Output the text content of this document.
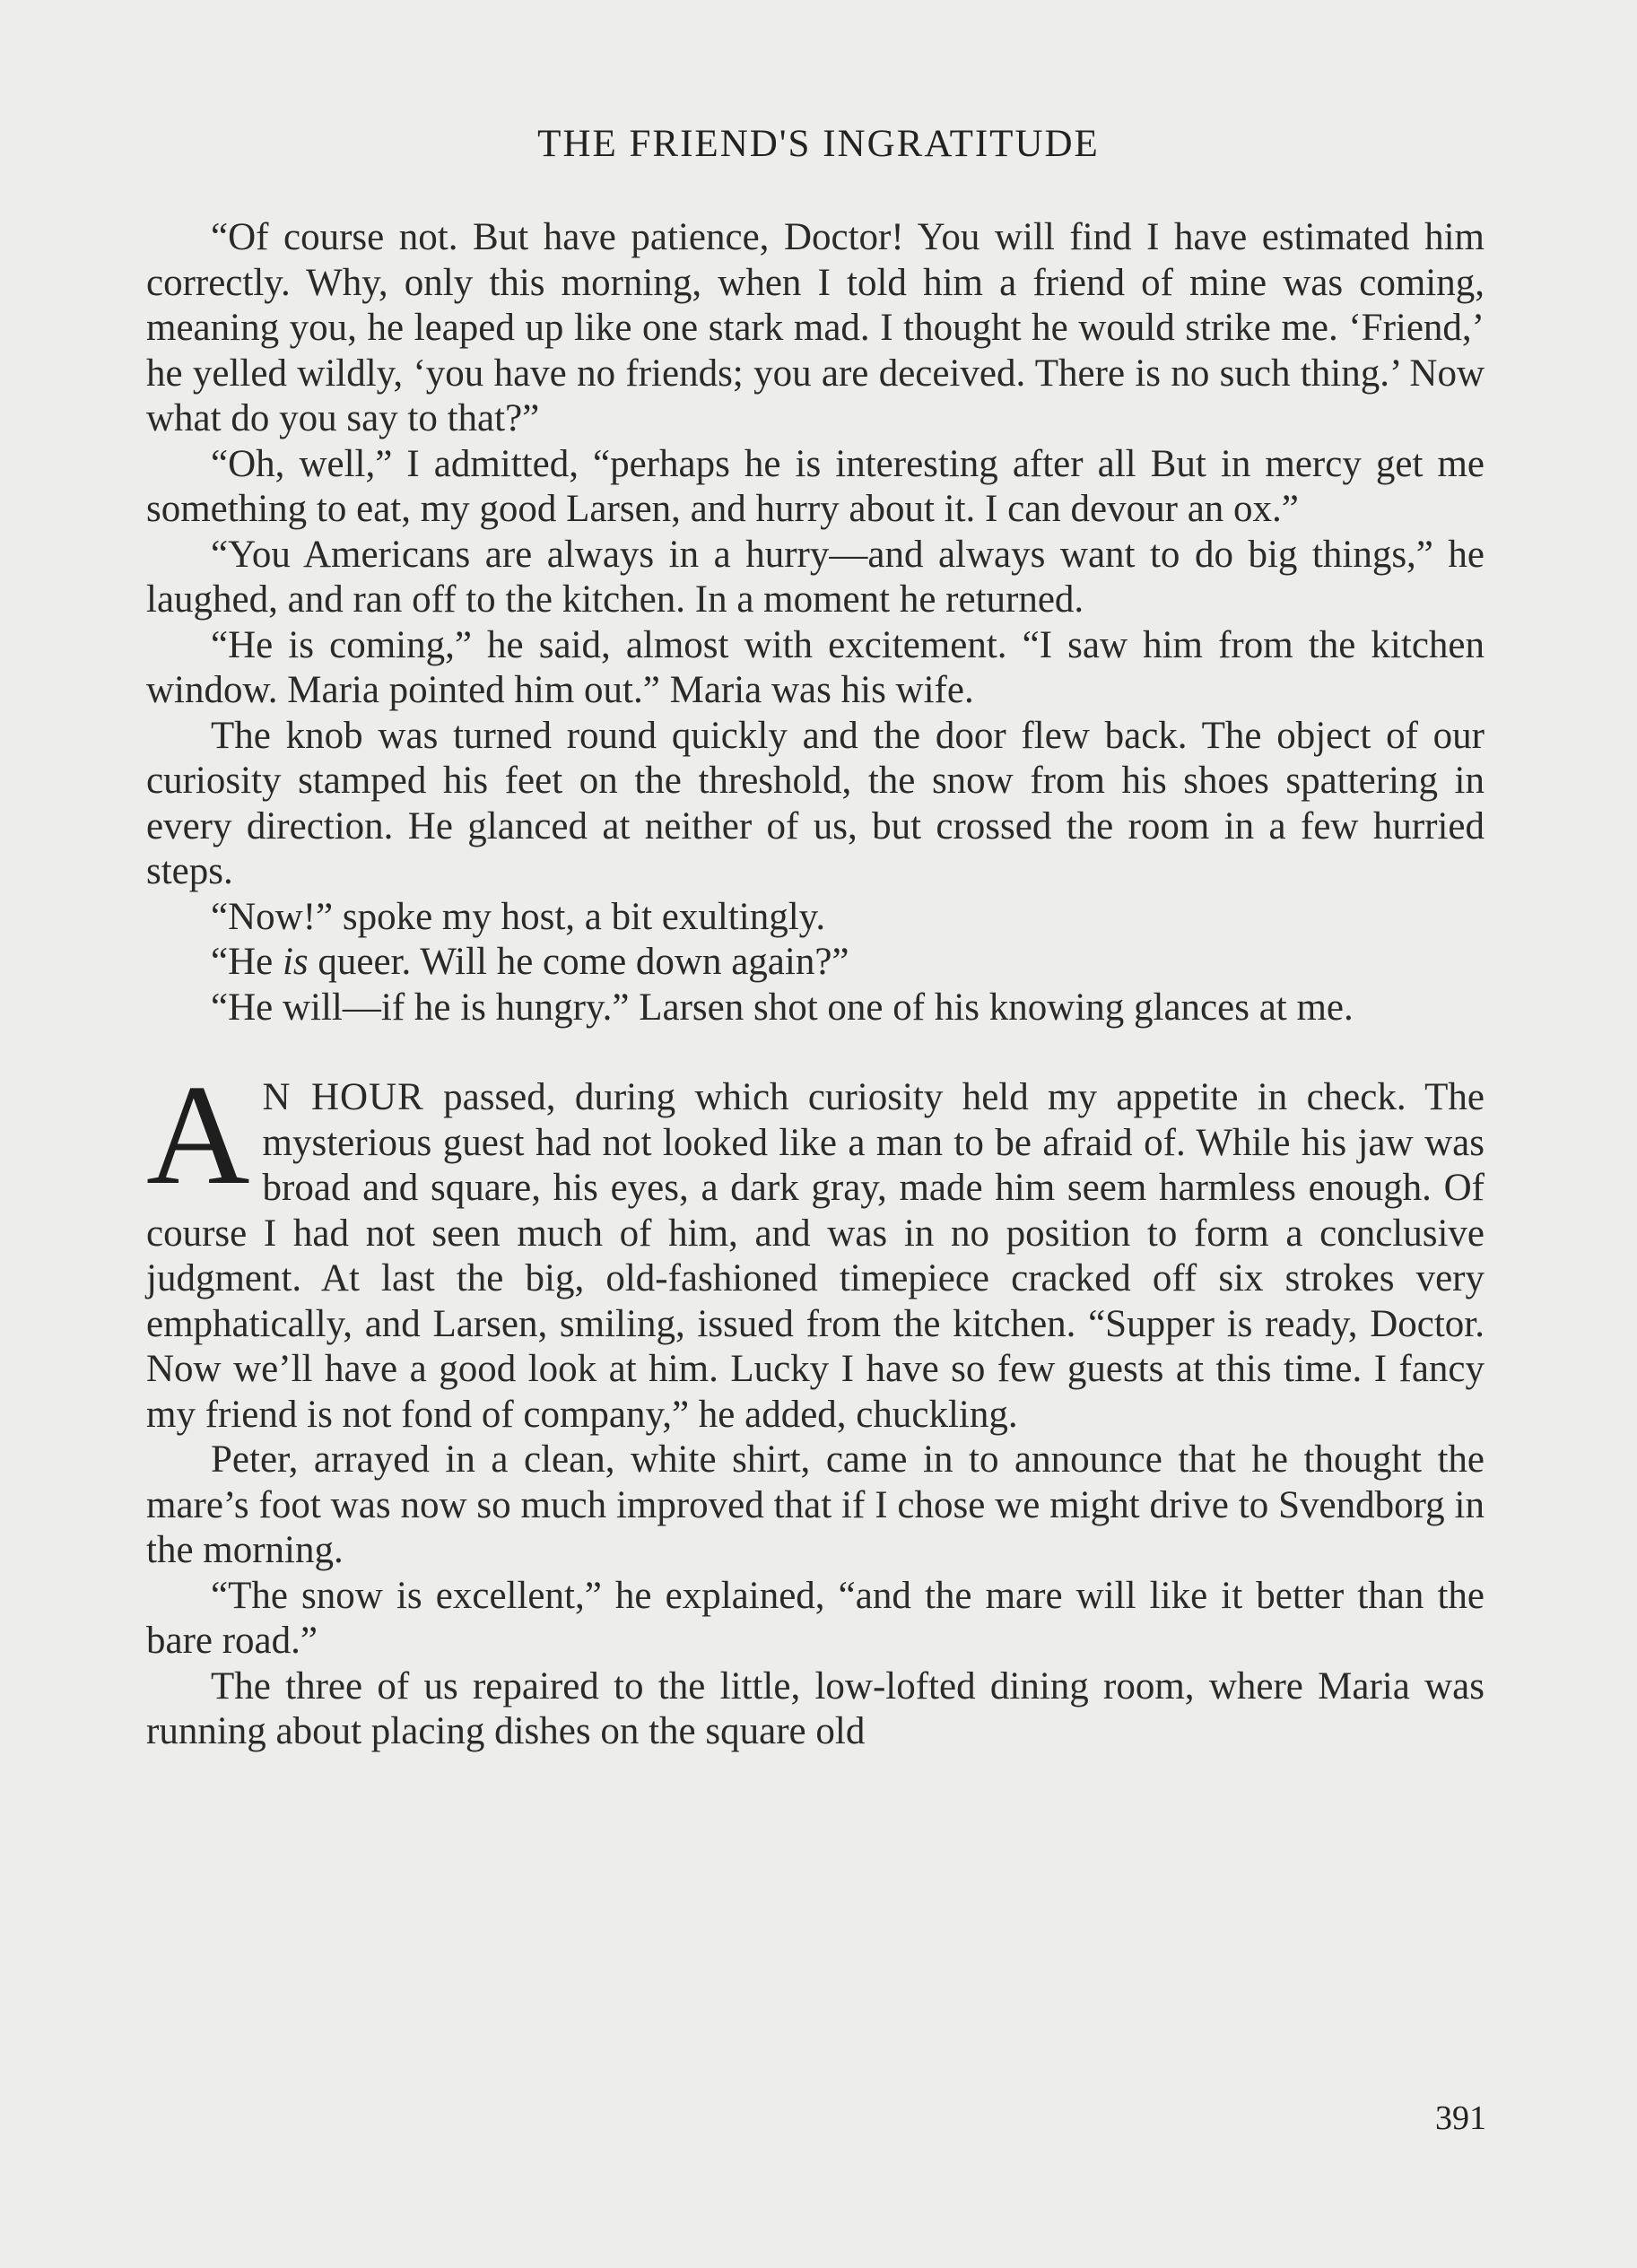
THE FRIEND'S INGRATITUDE

“Of course not. But have patience, Doctor! You will find I have estimated him correctly. Why, only this morning, when I told him a friend of mine was coming, meaning you, he leaped up like one stark mad. I thought he would strike me. ‘Friend,’ he yelled wildly, ‘you have no friends; you are deceived. There is no such thing.’ Now what do you say to that?”

“Oh, well,” I admitted, “perhaps he is interesting after all But in mercy get me something to eat, my good Larsen, and hurry about it. I can devour an ox.”

“You Americans are always in a hurry—and always want to do big things,” he laughed, and ran off to the kitchen. In a moment he returned.

“He is coming,” he said, almost with excitement. “I saw him from the kitchen window. Maria pointed him out.” Maria was his wife.

The knob was turned round quickly and the door flew back. The object of our curiosity stamped his feet on the threshold, the snow from his shoes spattering in every direction. He glanced at neither of us, but crossed the room in a few hurried steps.

“Now!” spoke my host, a bit exultingly.

“He is queer. Will he come down again?”

“He will—if he is hungry.” Larsen shot one of his knowing glances at me.

A N HOUR passed, during which curiosity held my appetite in check. The mysterious guest had not looked like a man to be afraid of. While his jaw was broad and square, his eyes, a dark gray, made him seem harmless enough. Of course I had not seen much of him, and was in no position to form a conclusive judgment. At last the big, old-fashioned timepiece cracked off six strokes very emphatically, and Larsen, smiling, issued from the kitchen. “Supper is ready, Doctor. Now we’ll have a good look at him. Lucky I have so few guests at this time. I fancy my friend is not fond of company,” he added, chuckling.

Peter, arrayed in a clean, white shirt, came in to announce that he thought the mare’s foot was now so much improved that if I chose we might drive to Svendborg in the morning.

“The snow is excellent,” he explained, “and the mare will like it better than the bare road.”

The three of us repaired to the little, low-lofted dining room, where Maria was running about placing dishes on the square old

391
